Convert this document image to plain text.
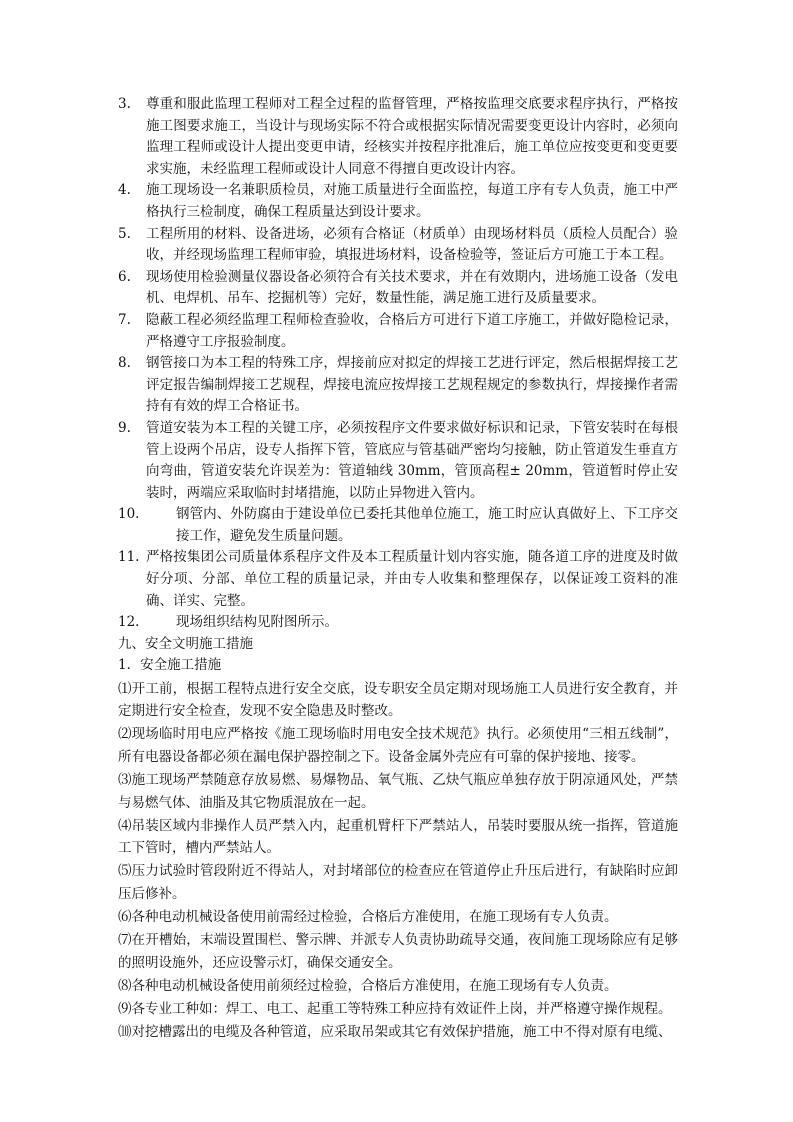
3.	尊重和服此监理工程师对工程全过程的监督管理，严格按监理交底要求程序执行，严格按施工图要求施工，当设计与现场实际不符合或根据实际情况需要变更设计内容时，必须向监理工程师或设计人提出变更申请，经核实并按程序批准后，施工单位应按变更和变更要求实施，未经监理工程师或设计人同意不得擅自更改设计内容。
4.	施工现场设一名兼职质检员，对施工质量进行全面监控，每道工序有专人负责，施工中严格执行三检制度，确保工程质量达到设计要求。
5.	工程所用的材料、设备进场，必须有合格证（材质单）由现场材料员（质检人员配合）验收，并经现场监理工程师审验，填报进场材料，设备检验等，签证后方可施工于本工程。
6.	现场使用检验测量仪器设备必须符合有关技术要求，并在有效期内，进场施工设备（发电机、电焊机、吊车、挖掘机等）完好，数量性能，满足施工进行及质量要求。
7.	隐蔽工程必须经监理工程师检查验收，合格后方可进行下道工序施工，并做好隐检记录，严格遵守工序报验制度。
8.	钢管接口为本工程的特殊工序，焊接前应对拟定的焊接工艺进行评定，然后根据焊接工艺评定报告编制焊接工艺规程，焊接电流应按焊接工艺规程规定的参数执行，焊接操作者需持有有效的焊工合格证书。
9.	管道安装为本工程的关键工序，必须按程序文件要求做好标识和记录，下管安装时在每根管上设两个吊店，设专人指挥下管，管底应与管基础严密均匀接触，防止管道发生垂直方向弯曲，管道安装允许误差为：管道轴线 30mm，管顶高程± 20mm，管道暂时停止安装时，两端应采取临时封堵措施，以防止异物进入管内。
10.	钢管内、外防腐由于建设单位已委托其他单位施工，施工时应认真做好上、下工序交接工作，避免发生质量问题。
11. 严格按集团公司质量体系程序文件及本工程质量计划内容实施，随各道工序的进度及时做好分项、分部、单位工程的质量记录，并由专人收集和整理保存，以保证竣工资料的准确、详实、完整。
12.	现场组织结构见附图所示。
九、安全文明施工措施
1．安全施工措施
⑴开工前，根据工程特点进行安全交底，设专职安全员定期对现场施工人员进行安全教育，并定期进行安全检查，发现不安全隐患及时整改。
⑵现场临时用电应严格按《施工现场临时用电安全技术规范》执行。必须使用“三相五线制”，所有电器设备都必须在漏电保护器控制之下。设备金属外壳应有可靠的保护接地、接零。
⑶施工现场严禁随意存放易燃、易爆物品、氧气瓶、乙炔气瓶应单独存放于阴凉通风处，严禁与易燃气体、油脂及其它物质混放在一起。
⑷吊装区域内非操作人员严禁入内，起重机臂杆下严禁站人，吊装时要服从统一指挥，管道施工下管时，槽内严禁站人。
⑸压力试验时管段附近不得站人，对封堵部位的检查应在管道停止升压后进行，有缺陷时应卸压后修补。
⑹各种电动机械设备使用前需经过检验，合格后方准使用，在施工现场有专人负责。
⑺在开槽始，末端设置围栏、警示牌、并派专人负责协助疏导交通，夜间施工现场除应有足够的照明设施外，还应设警示灯，确保交通安全。
⑻各种电动机械设备使用前须经过检验，合格后方准使用，在施工现场有专人负责。
⑼各专业工种如：焊工、电工、起重工等特殊工种应持有效证件上岗，并严格遵守操作规程。
⑽对挖槽露出的电缆及各种管道，应采取吊架或其它有效保护措施，施工中不得对原有电缆、
